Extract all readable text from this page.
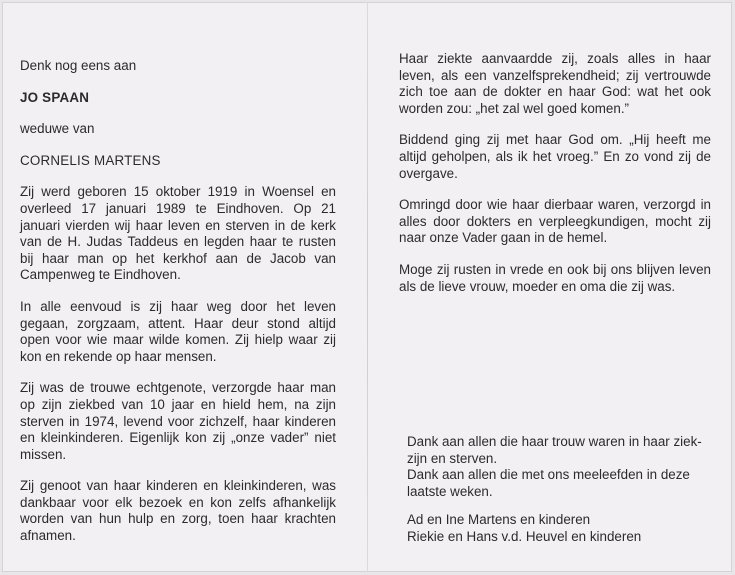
Denk nog eens aan

JO SPAAN

weduwe van

CORNELIS MARTENS

Zij werd geboren 15 oktober 1919 in Woensel en overleed 17 januari 1989 te Eindhoven. Op 21 januari vierden wij haar leven en sterven in de kerk van de H. Judas Taddeus en legden haar te rusten bij haar man op het kerkhof aan de Jacob van Campenweg te Eindhoven.

In alle eenvoud is zij haar weg door het leven gegaan, zorgzaam, attent. Haar deur stond altijd open voor wie maar wilde komen. Zij hielp waar zij kon en rekende op haar mensen.

Zij was de trouwe echtgenote, verzorgde haar man op zijn ziekbed van 10 jaar en hield hem, na zijn sterven in 1974, levend voor zichzelf, haar kinderen en kleinkinderen. Eigenlijk kon zij „onze vader” niet missen.

Zij genoot van haar kinderen en kleinkinderen, was dankbaar voor elk bezoek en kon zelfs afhankelijk worden van hun hulp en zorg, toen haar krachten afnamen.

Haar ziekte aanvaardde zij, zoals alles in haar leven, als een vanzelfsprekendheid; zij vertrouwde zich toe aan de dokter en haar God: wat het ook worden zou: „het zal wel goed komen.”

Biddend ging zij met haar God om. „Hij heeft me altijd geholpen, als ik het vroeg.” En zo vond zij de overgave.

Omringd door wie haar dierbaar waren, verzorgd in alles door dokters en verpleegkundigen, mocht zij naar onze Vader gaan in de hemel.

Moge zij rusten in vrede en ook bij ons blijven leven als de lieve vrouw, moeder en oma die zij was.

Dank aan allen die haar trouw waren in haar ziek-zijn en sterven.

Dank aan allen die met ons meeleefden in deze laatste weken.

Ad en Ine Martens en kinderen

Riekie en Hans v.d. Heuvel en kinderen
